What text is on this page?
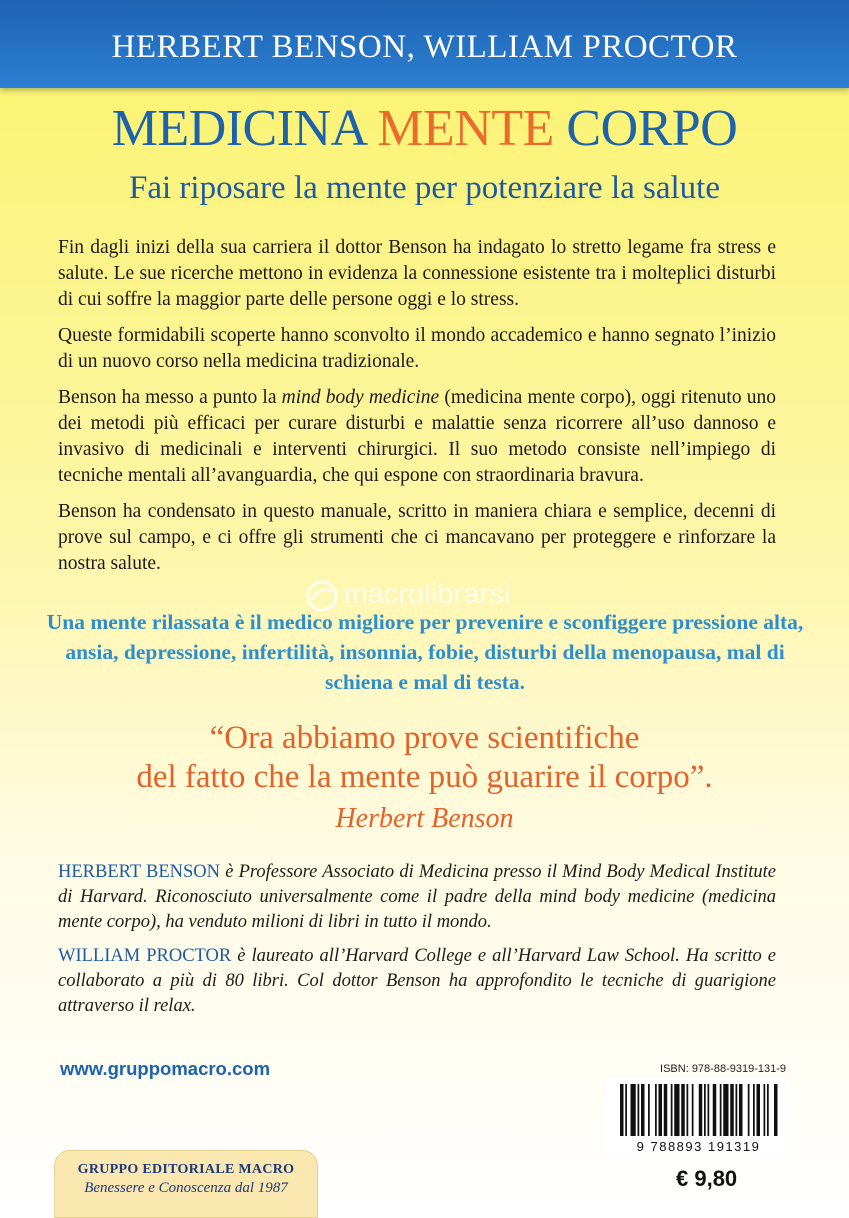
HERBERT BENSON, WILLIAM PROCTOR
MEDICINA MENTE CORPO
Fai riposare la mente per potenziare la salute

Fin dagli inizi della sua carriera il dottor Benson ha indagato lo stretto legame fra stress e salute. Le sue ricerche mettono in evidenza la connessione esistente tra i molteplici disturbi di cui soffre la maggior parte delle persone oggi e lo stress.

Queste formidabili scoperte hanno sconvolto il mondo accademico e hanno segnato l’inizio di un nuovo corso nella medicina tradizionale.

Benson ha messo a punto la mind body medicine (medicina mente corpo), oggi ritenuto uno dei metodi più efficaci per curare disturbi e malattie senza ricorrere all’uso dannoso e invasivo di medicinali e interventi chirurgici. Il suo metodo consiste nell’impiego di tecniche mentali all’avanguardia, che qui espone con straordinaria bravura.

Benson ha condensato in questo manuale, scritto in maniera chiara e semplice, decenni di prove sul campo, e ci offre gli strumenti che ci mancavano per proteggere e rinforzare la nostra salute.

macrolibrarsi
Una mente rilassata è il medico migliore per prevenire e sconfiggere pressione alta, ansia, depressione, infertilità, insonnia, fobie, disturbi della menopausa, mal di schiena e mal di testa.
“Ora abbiamo prove scientifiche
del fatto che la mente può guarire il corpo”.
Herbert Benson

HERBERT BENSON è Professore Associato di Medicina presso il Mind Body Medical Institute di Harvard. Riconosciuto universalmente come il padre della mind body medicine (medicina mente corpo), ha venduto milioni di libri in tutto il mondo.

WILLIAM PROCTOR è laureato all’Harvard College e all’Harvard Law School. Ha scritto e collaborato a più di 80 libri. Col dottor Benson ha approfondito le tecniche di guarigione attraverso il relax.

www.gruppomacro.com
GRUPPO EDITORIALE MACRO
Benessere e Conoscenza dal 1987
ISBN: 978-88-9319-131-9
9 788893 191319
€ 9,80
